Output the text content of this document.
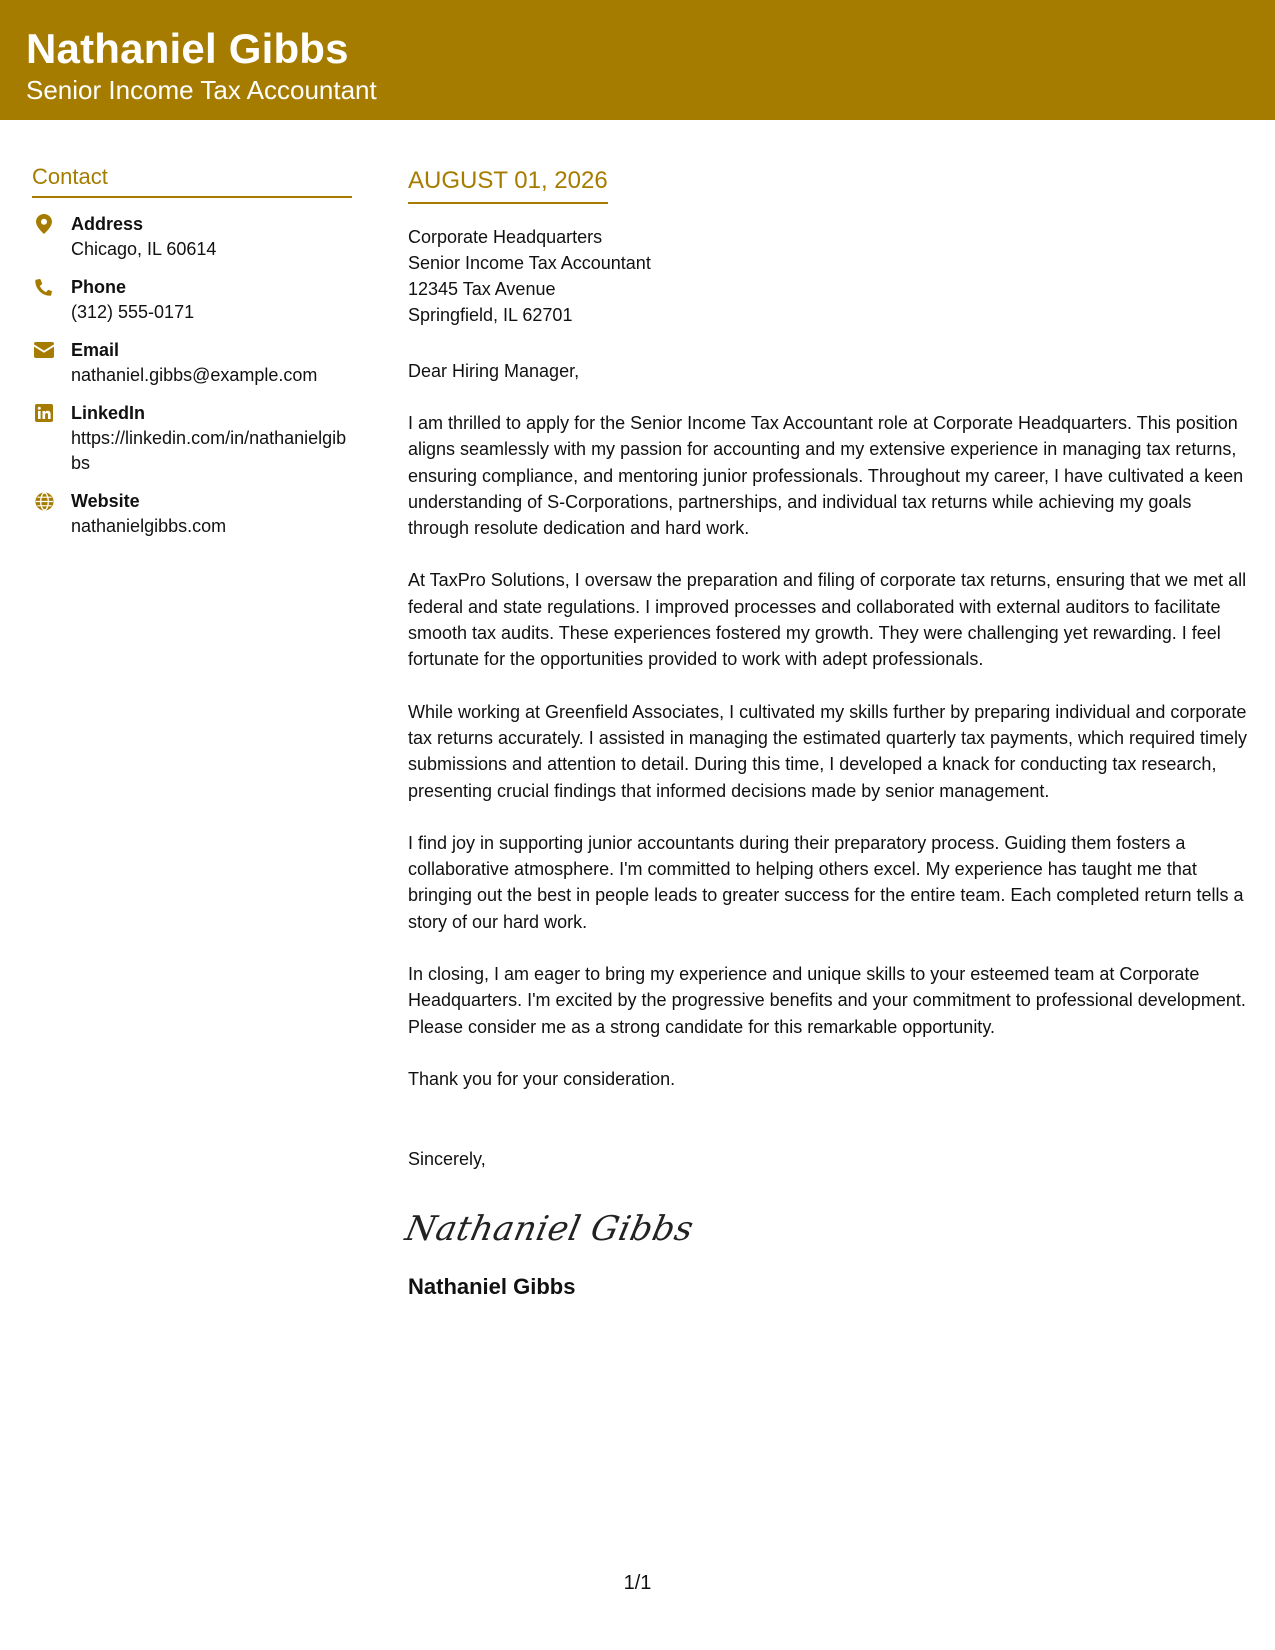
Nathaniel Gibbs
Senior Income Tax Accountant
Contact
Address
Chicago, IL 60614
Phone
(312) 555-0171
Email
nathaniel.gibbs@example.com
LinkedIn
https://linkedin.com/in/nathanielgibbs
Website
nathanielgibbs.com
AUGUST 01, 2026
Corporate Headquarters
Senior Income Tax Accountant
12345 Tax Avenue
Springfield, IL 62701
Dear Hiring Manager,
I am thrilled to apply for the Senior Income Tax Accountant role at Corporate Headquarters. This position aligns seamlessly with my passion for accounting and my extensive experience in managing tax returns, ensuring compliance, and mentoring junior professionals. Throughout my career, I have cultivated a keen understanding of S-Corporations, partnerships, and individual tax returns while achieving my goals through resolute dedication and hard work.
At TaxPro Solutions, I oversaw the preparation and filing of corporate tax returns, ensuring that we met all federal and state regulations. I improved processes and collaborated with external auditors to facilitate smooth tax audits. These experiences fostered my growth. They were challenging yet rewarding. I feel fortunate for the opportunities provided to work with adept professionals.
While working at Greenfield Associates, I cultivated my skills further by preparing individual and corporate tax returns accurately. I assisted in managing the estimated quarterly tax payments, which required timely submissions and attention to detail. During this time, I developed a knack for conducting tax research, presenting crucial findings that informed decisions made by senior management.
I find joy in supporting junior accountants during their preparatory process. Guiding them fosters a collaborative atmosphere. I'm committed to helping others excel. My experience has taught me that bringing out the best in people leads to greater success for the entire team. Each completed return tells a story of our hard work.
In closing, I am eager to bring my experience and unique skills to your esteemed team at Corporate Headquarters. I'm excited by the progressive benefits and your commitment to professional development. Please consider me as a strong candidate for this remarkable opportunity.
Thank you for your consideration.
Sincerely,
Nathaniel Gibbs
Nathaniel Gibbs
1/1
